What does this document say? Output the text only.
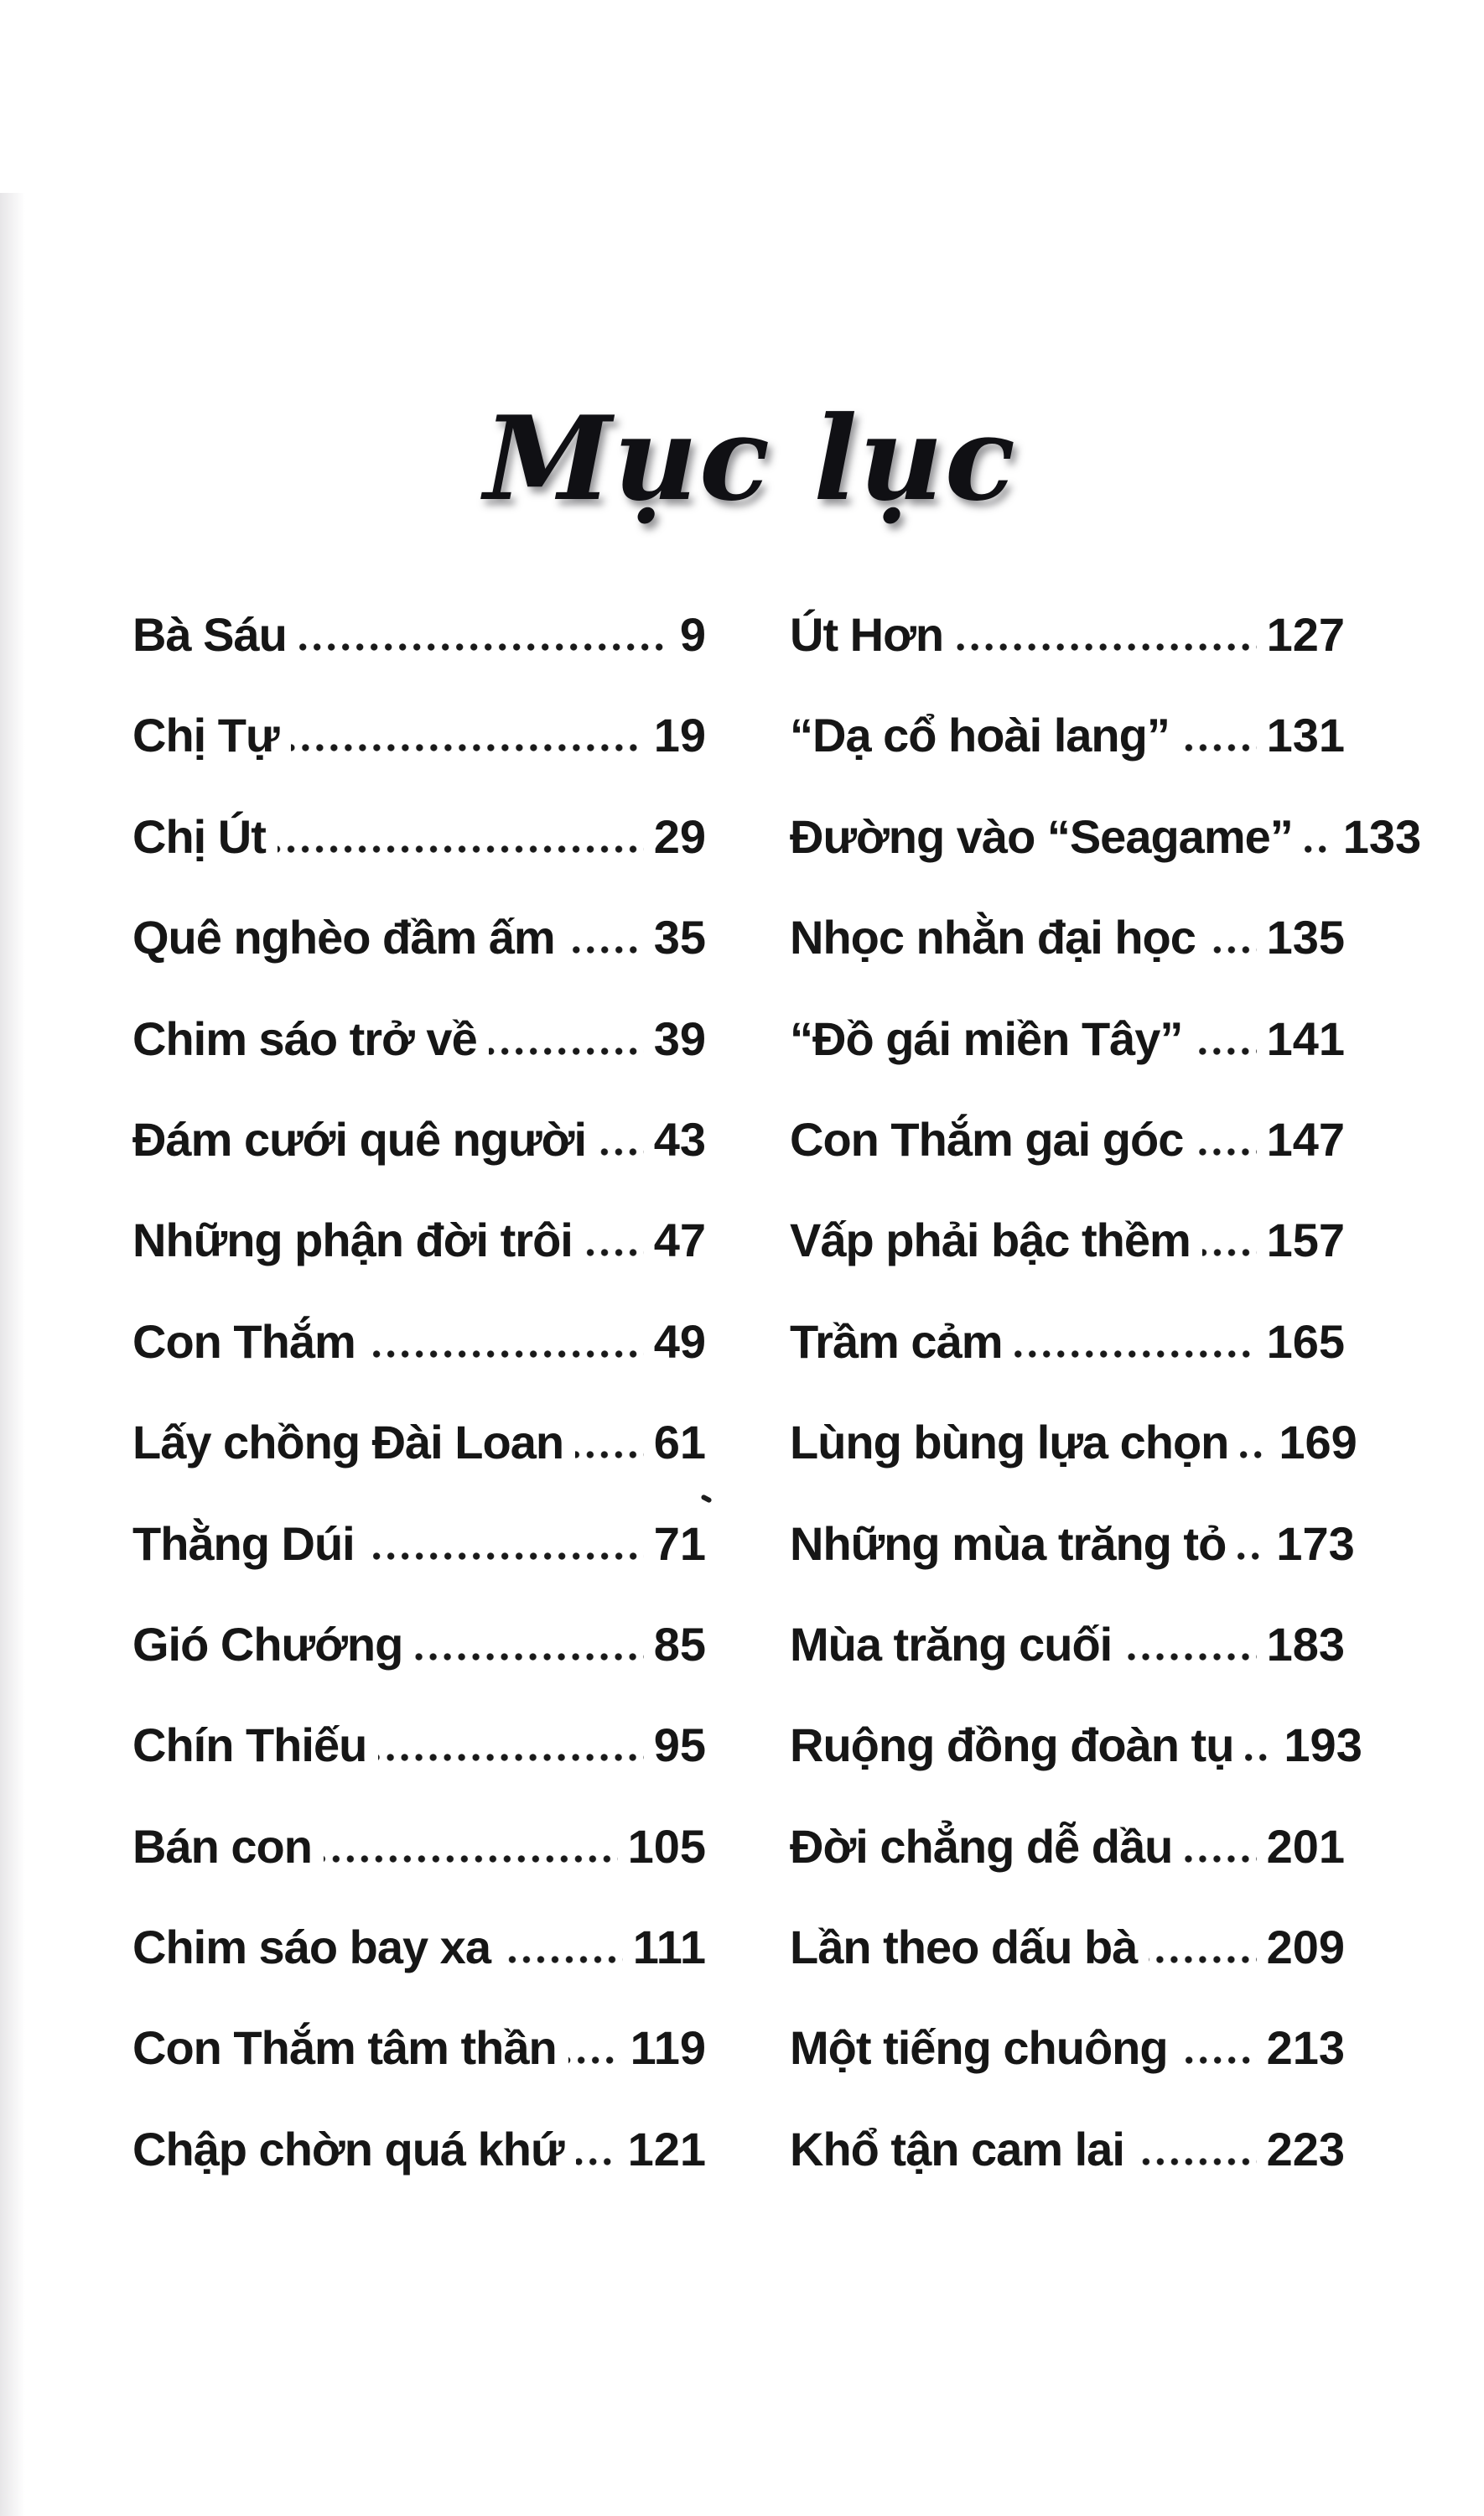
Mục lục
Bà Sáu	9
Chị Tự	19
Chị Út	29
Quê nghèo đầm ấm 35
Chim sáo trở về	39
Đám cưới quê người 43
Những phận đời trôi 47
Con Thắm	49
Lấy chồng Đài Loan 61
Thằng Dúi	71
Gió Chướng	85
Chín Thiếu	95
Bán con	105
Chim sáo bay xa	111
Con Thắm tâm thần 119
Chập chờn quá khứ 121
Út Hơn	127
“Dạ cổ hoài lang” 131
Đường vào “Seagame” 133
Nhọc nhằn đại học 135
“Đồ gái miền Tây” 141
Con Thắm gai góc 147
Vấp phải bậc thềm 157
Trầm cảm	165
Lùng bùng lựa chọn 169
Những mùa trăng tỏ 173
Mùa trăng cuối	183
Ruộng đồng đoàn tụ 193
Đời chẳng dễ dầu 201
Lần theo dấu bà	209
Một tiếng chuông 213
Khổ tận cam lai	223
